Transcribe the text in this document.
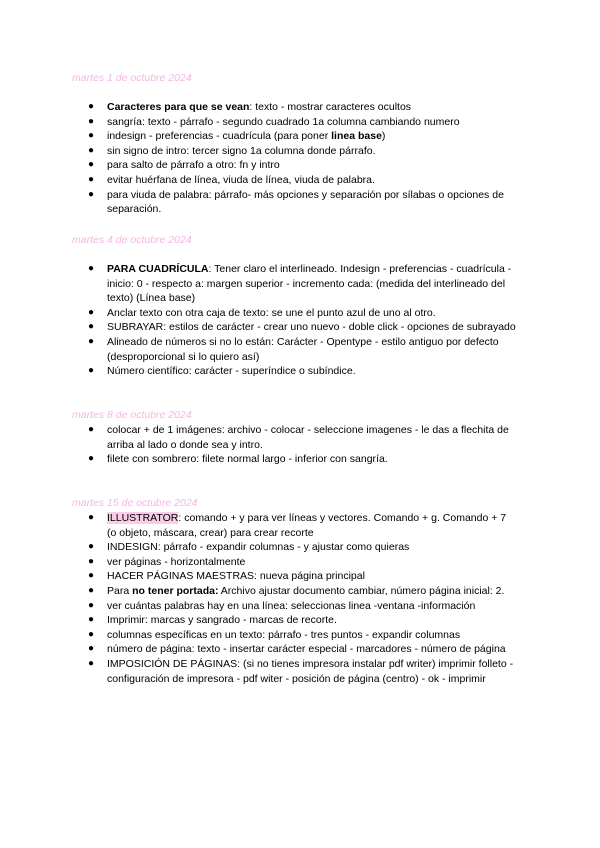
martes 1 de octubre 2024
●	Caracteres para que se vean: texto - mostrar caracteres ocultos
●	sangría: texto - párrafo - segundo cuadrado 1a columna cambiando numero
●	indesign - preferencias - cuadrícula (para poner linea base)
●	sin signo de intro: tercer signo 1a columna donde párrafo.
●	para salto de párrafo a otro: fn y intro
●	evitar huérfana de línea, viuda de línea, viuda de palabra.
●	para viuda de palabra: párrafo- más opciones y separación por sílabas o opciones de separación.
martes 4 de octubre 2024
●	PARA CUADRÍCULA: Tener claro el interlineado. Indesign - preferencias - cuadrícula - inicio: 0 - respecto a: margen superior - incremento cada: (medida del interlineado del texto) (Línea base)
●	Anclar texto con otra caja de texto: se une el punto azul de uno al otro.
●	SUBRAYAR: estilos de carácter - crear uno nuevo - doble click - opciones de subrayado
●	Alineado de números si no lo están: Carácter - Opentype - estilo antiguo por defecto (desproporcional si lo quiero así)
●	Número científico: carácter - superíndice o subíndice.
martes 8 de octubre 2024
●	colocar + de 1 imágenes: archivo - colocar - seleccione imagenes - le das a flechita de arriba al lado o donde sea y intro.
●	filete con sombrero: filete normal largo - inferior con sangría.
martes 15 de octubre 2024
●	ILLUSTRATOR: comando + y para ver líneas y vectores. Comando + g. Comando + 7 (o objeto, máscara, crear) para crear recorte
●	INDESIGN: párrafo - expandir columnas - y ajustar como quieras
●	ver páginas - horizontalmente
●	HACER PÁGINAS MAESTRAS: nueva página principal
●	Para no tener portada: Archivo ajustar documento cambiar, número página inicial: 2.
●	ver cuántas palabras hay en una línea: seleccionas linea -ventana -información
●	Imprimir: marcas y sangrado - marcas de recorte.
●	columnas específicas en un texto: párrafo - tres puntos - expandir columnas
●	número de página: texto - insertar carácter especial - marcadores - número de página
●	IMPOSICIÓN DE PÁGINAS: (si no tienes impresora instalar pdf writer) imprimir folleto - configuración de impresora - pdf witer - posición de página (centro) - ok - imprimir
